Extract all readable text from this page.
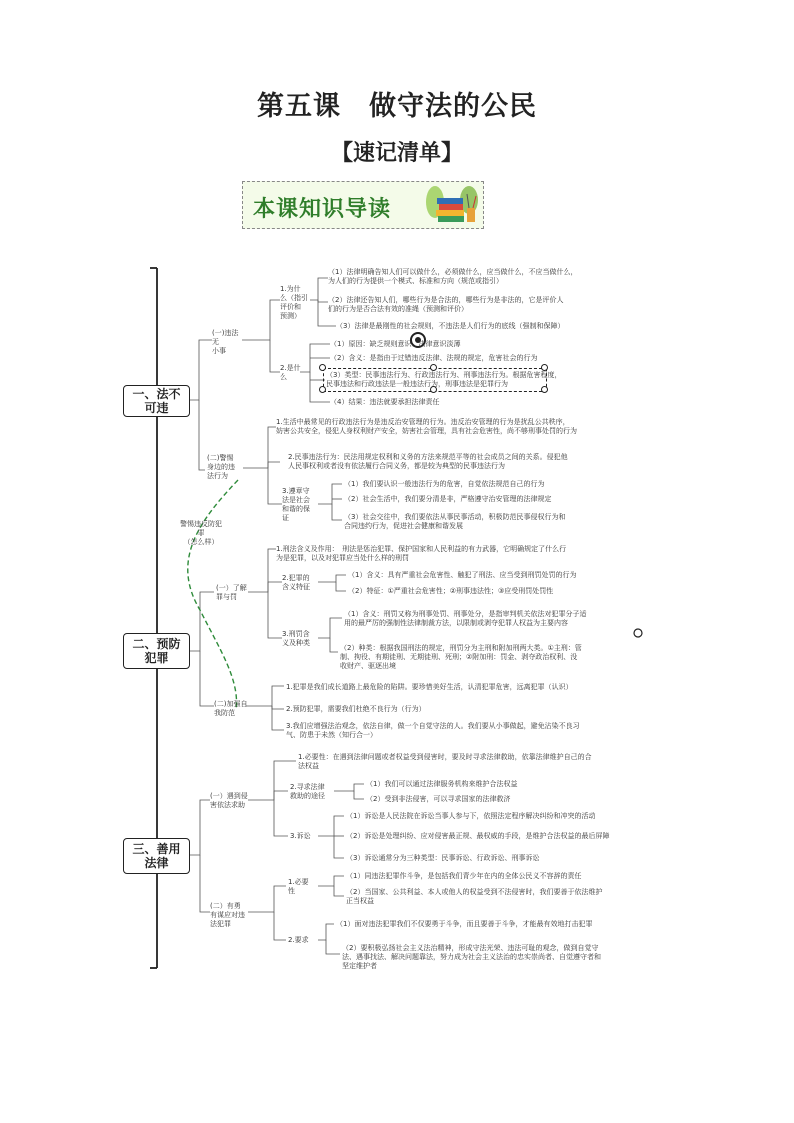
第五课　做守法的公民
【速记清单】
本课知识导读
一、法不
可违
二、预防
犯罪
三、善用
法律
(一)违法无
小事
1.为什
么（指引
评价和
预测）
（1）法律明确告知人们可以做什么，必须做什么，应当做什么，不应当做什么，
为人们的行为提供一个模式、标准和方向（规范或指引）
（2）法律还告知人们，哪些行为是合法的，哪些行为是非法的，它是评价人
们的行为是否合法有效的准绳（预测和评价）
（3）法律是最刚性的社会规则，不违法是人们行为的底线（强制和保障）
2.是什
么
（1）原因：缺乏规则意识、法律意识淡薄
（2）含义：是指由于过错违反法律、法规的规定，危害社会的行为
（3）类型：民事违法行为、行政违法行为、刑事违法行为。根据危害程度，
民事违法和行政违法是一般违法行为，刑事违法是犯罪行为
（4）结果：违法就要承担法律责任
(二)警惕
身边的违
法行为
1.生活中最常见的行政违法行为是违反治安管理的行为。违反治安管理的行为是扰乱公共秩序，
妨害公共安全，侵犯人身权利财产安全，妨害社会管理，具有社会危害性，尚不够刑事处罚的行为
2.民事违法行为：民法用规定权利和义务的方法来规范平等的社会成员之间的关系。侵犯他
人民事权利或者没有依法履行合同义务，都是较为典型的民事违法行为
3.遵章守
法是社会
和谐的保
证
（1）我们要认识一般违法行为的危害，自觉依法规范自己的行为
（2）社会生活中，我们要分清是非，严格遵守治安管理的法律规定
（3）社会交往中，我们要依法从事民事活动，积极防范民事侵权行为和
合同违约行为，促进社会健康和谐发展
警惕违反防犯
罪
（怎么样）
(一）了解
罪与罚
1.刑法含义及作用：　刑法是惩治犯罪、保护国家和人民利益的有力武器，它明确规定了什么行
为是犯罪，以及对犯罪应当处什么样的刑罚
2.犯罪的
含义特征
（1）含义：具有严重社会危害性、触犯了刑法、应当受到刑罚处罚的行为
（2）特征：①严重社会危害性；②刑事违法性；③应受刑罚处罚性
3.刑罚含
义及种类
（1）含义：刑罚又称为刑事处罚、刑事处分，是指审判机关依法对犯罪分子适
用的最严厉的强制性法律制裁方法，以限制或剥夺犯罪人权益为主要内容
（2）种类：根据我国刑法的规定，刑罚分为主刑和附加刑两大类。①主刑：管
制、拘役、有期徒刑、无期徒刑、死刑；②附加刑：罚金、剥夺政治权利、没
收财产、驱逐出境
(二)加强自
我防范
1.犯罪是我们成长道路上最危险的陷阱。要珍惜美好生活，认清犯罪危害，远离犯罪（认识）
2.预防犯罪，需要我们杜绝不良行为（行为）
3.我们应增强法治观念，依法自律，做一个自觉守法的人。我们要从小事做起，避免沾染不良习
气、防患于未然（知行合一）
(一）遇到侵
害依法求助
1.必要性：在遇到法律问题或者权益受到侵害时，要及时寻求法律救助，依靠法律维护自己的合
法权益
2.寻求法律
救助的途径
（1）我们可以通过法律服务机构来维护合法权益
（2）受到非法侵害，可以寻求国家的法律救济
3.诉讼
（1）诉讼是人民法院在诉讼当事人参与下，依照法定程序解决纠纷和冲突的活动
（2）诉讼是处理纠纷、应对侵害最正规、最权威的手段，是维护合法权益的最后屏障
（3）诉讼通常分为三种类型：民事诉讼、行政诉讼、刑事诉讼
(二）有勇
有谋应对违
法犯罪
1.必要
性
（1）同违法犯罪作斗争，是包括我们青少年在内的全体公民义不容辞的责任
（2）当国家、公共利益、本人或他人的权益受到不法侵害时，我们要善于依法维护
正当权益
2.要求
（1）面对违法犯罪我们不仅要勇于斗争，而且要善于斗争，才能最有效地打击犯罪
（2）要积极弘扬社会主义法治精神，形成守法光荣、违法可耻的观念，做到自觉守
法、遇事找法、解决问题靠法，努力成为社会主义法治的忠实崇尚者、自觉遵守者和
坚定维护者
